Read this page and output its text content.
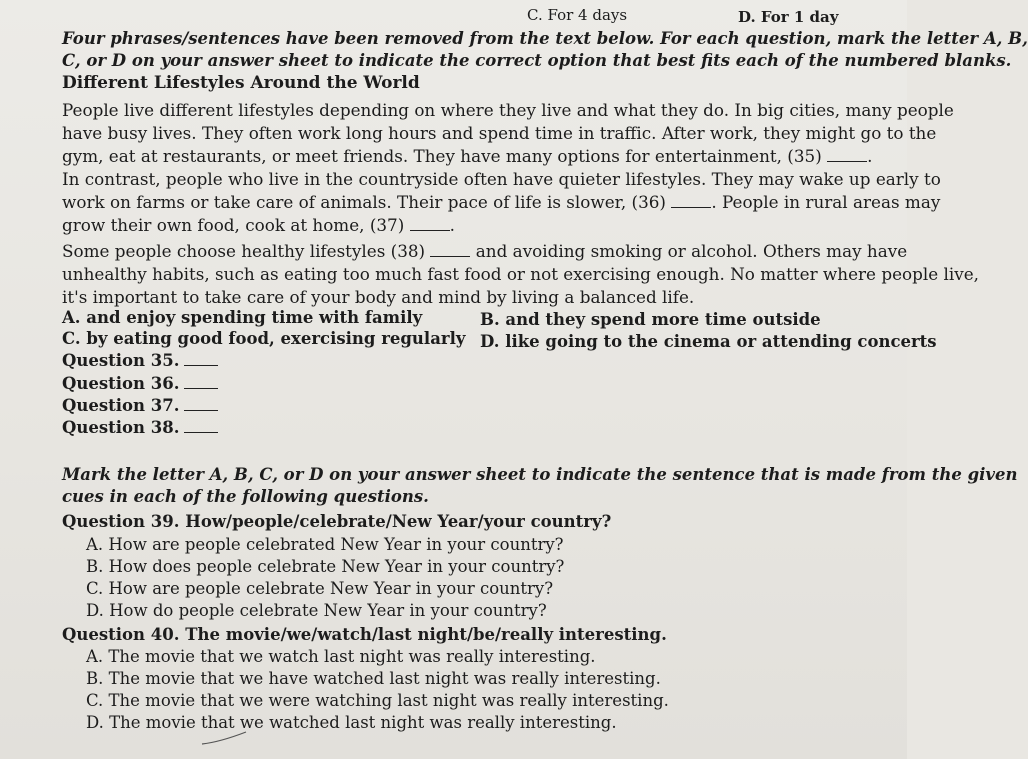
C. For 4 days	D. For 1 day
Four phrases/sentences have been removed from the text below. For each question, mark the letter A, B,
C, or D on your answer sheet to indicate the correct option that best fits each of the numbered blanks.
Different Lifestyles Around the World
People live different lifestyles depending on where they live and what they do. In big cities, many people
have busy lives. They often work long hours and spend time in traffic. After work, they might go to the
gym, eat at restaurants, or meet friends. They have many options for entertainment, (35)	.
In contrast, people who live in the countryside often have quieter lifestyles. They may wake up early to
work on farms or take care of animals. Their pace of life is slower, (36)	. People in rural areas may
grow their own food, cook at home, (37)	.
Some people choose healthy lifestyles (38)	and avoiding smoking or alcohol. Others may have
unhealthy habits, such as eating too much fast food or not exercising enough. No matter where people live,
it's important to take care of your body and mind by living a balanced life.
A. and enjoy spending time with family	B. and they spend more time outside
C. by eating good food, exercising regularly D. like going to the cinema or attending concerts
Question 35.
Question 36.
Question 37.
Question 38.
Mark the letter A, B, C, or D on your answer sheet to indicate the sentence that is made from the given
cues in each of the following questions.
Question 39. How/people/celebrate/New Year/your country?
A. How are people celebrated New Year in your country?
B. How does people celebrate New Year in your country?
C. How are people celebrate New Year in your country?
D. How do people celebrate New Year in your country?
Question 40. The movie/we/watch/last night/be/really interesting.
A. The movie that we watch last night was really interesting.
B. The movie that we have watched last night was really interesting.
C. The movie that we were watching last night was really interesting.
D. The movie that we watched last night was really interesting.
